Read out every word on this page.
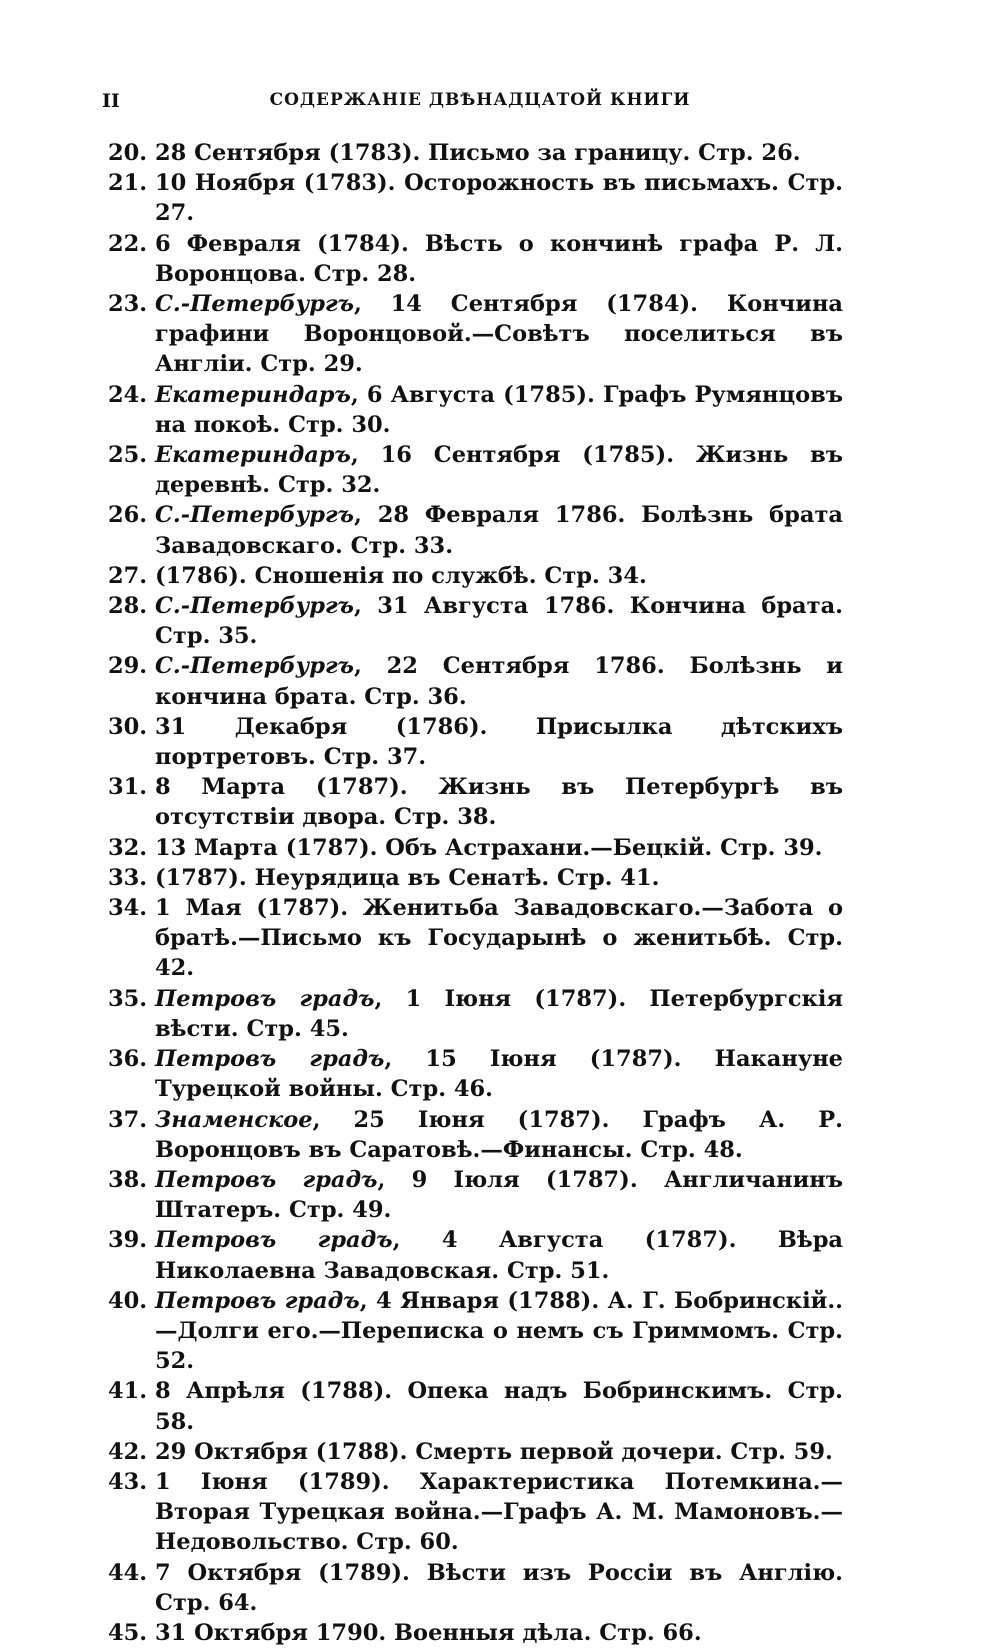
II	СОДЕРЖАНІЕ ДВѢНАДЦАТОЙ КНИГИ
20. 28 Сентября (1783). Письмо за границу. Стр. 26.
21. 10 Ноября (1783). Осторожность въ письмахъ. Стр. 27.
22. 6 Февраля (1784). Вѣсть о кончинѣ графа Р. Л. Воронцова. Стр. 28.
23. С.-Петербургъ, 14 Сентября (1784). Кончина графини Воронцовой.—Совѣтъ поселиться въ Англіи. Стр. 29.
24. Екатериндаръ, 6 Августа (1785). Графъ Румянцовъ на покоѣ. Стр. 30.
25. Екатериндаръ, 16 Сентября (1785). Жизнь въ деревнѣ. Стр. 32.
26. С.-Петербургъ, 28 Февраля 1786. Болѣзнь брата Завадовскаго. Стр. 33.
27. (1786). Сношенія по службѣ. Стр. 34.
28. С.-Петербургъ, 31 Августа 1786. Кончина брата. Стр. 35.
29. С.-Петербургъ, 22 Сентября 1786. Болѣзнь и кончина брата. Стр. 36.
30. 31 Декабря (1786). Присылка дѣтскихъ портретовъ. Стр. 37.
31. 8 Марта (1787). Жизнь въ Петербургѣ въ отсутствіи двора. Стр. 38.
32. 13 Марта (1787). Объ Астрахани.—Бецкій. Стр. 39.
33. (1787). Неурядица въ Сенатѣ. Стр. 41.
34. 1 Мая (1787). Женитьба Завадовскаго.—Забота о братѣ.—Письмо къ Государынѣ о женитьбѣ. Стр. 42.
35. Петровъ градъ, 1 Іюня (1787). Петербургскія вѣсти. Стр. 45.
36. Петровъ градъ, 15 Іюня (1787). Накануне Турецкой войны. Стр. 46.
37. Знаменское, 25 Іюня (1787). Графъ А. Р. Воронцовъ въ Саратовѣ.—Финансы. Стр. 48.
38. Петровъ градъ, 9 Іюля (1787). Англичанинъ Штатеръ. Стр. 49.
39. Петровъ градъ, 4 Августа (1787). Вѣра Николаевна Завадовская. Стр. 51.
40. Петровъ градъ, 4 Января (1788). А. Г. Бобринскій..—Долги его.—Переписка о немъ съ Гриммомъ. Стр. 52.
41. 8 Апрѣля (1788). Опека надъ Бобринскимъ. Стр. 58.
42. 29 Октября (1788). Смерть первой дочери. Стр. 59.
43. 1 Іюня (1789). Характеристика Потемкина.—Вторая Турецкая война.—Графъ А. М. Мамоновъ.—Недовольство. Стр. 60.
44. 7 Октября (1789). Вѣсти изъ Россіи въ Англію. Стр. 64.
45. 31 Октября 1790. Военныя дѣла. Стр. 66.
